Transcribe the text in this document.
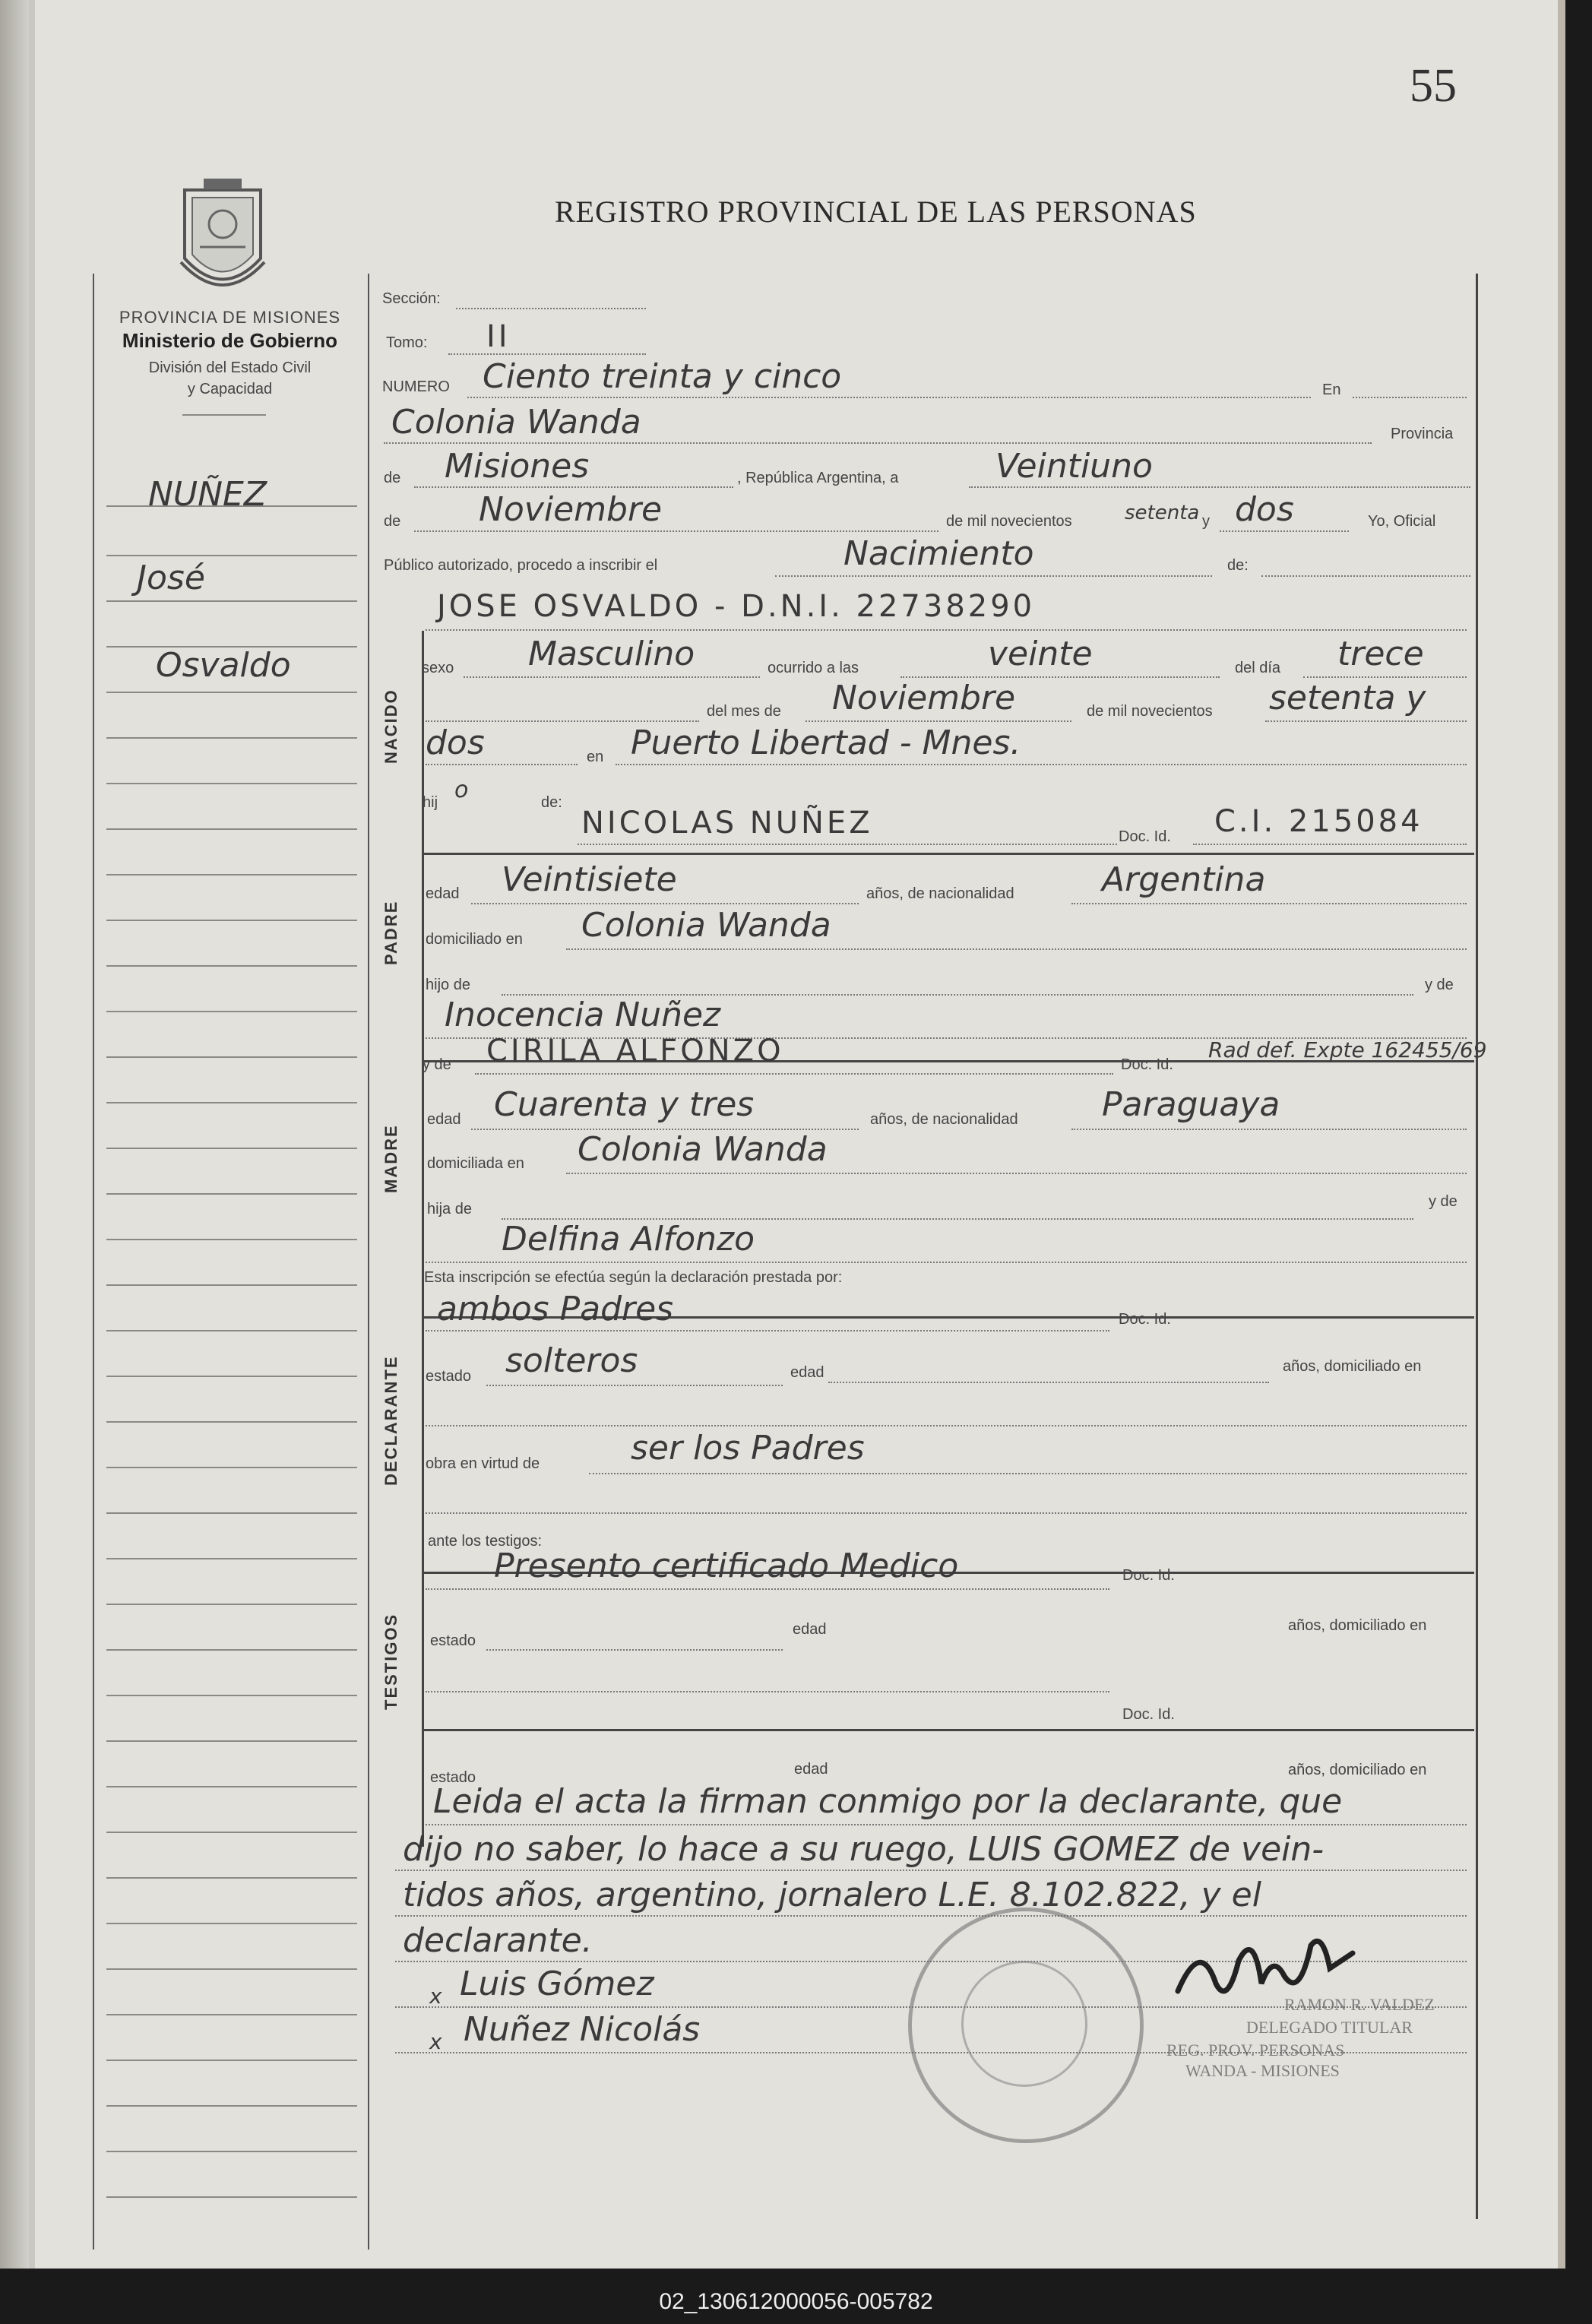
55
REGISTRO PROVINCIAL DE LAS PERSONAS
PROVINCIA DE MISIONES
Ministerio de Gobierno
División del Estado Civil
y Capacidad
NUÑEZ
José
Osvaldo
NACIDO
PADRE
MADRE
DECLARANTE
TESTIGOS
Sección:
Tomo: II
NUMERO Ciento treinta y cinco	En
Colonia Wanda	Provincia
de Misiones	, República Argentina, a	Veintiuno
de Noviembre	de mil novecientos	setenta y dos	Yo, Oficial
Público autorizado, procedo a inscribir el	Nacimiento	de:
JOSE OSVALDO - D.N.I. 22738290
sexo Masculino	ocurrido a las	veinte	del día trece
del mes de Noviembre	de mil novecientos setenta y
dos	en Puerto Libertad - Mnes.
hij o	de:
NICOLAS NUÑEZ	Doc. Id. C.I. 215084
edad Veintisiete	años, de nacionalidad	Argentina
domiciliado en Colonia Wanda
hijo de	y de
Inocencia Nuñez
y de CIRILA ALFONZO	Doc. Id.
Rad def. Expte 162455/69
edad Cuarenta y tres	años, de nacionalidad	Paraguaya
domiciliada en Colonia Wanda
hija de	y de
Delfina Alfonzo
Esta inscripción se efectúa según la declaración prestada por:
ambos Padres	Doc. Id.
estado solteros	edad	años, domiciliado en
obra en virtud de	ser los Padres
ante los testigos:
Presento certificado Medico	Doc. Id.
estado
edad	años, domiciliado en
Doc. Id.
estado	edad	años, domiciliado en
Leida el acta la firman conmigo por la declarante, que
dijo no saber, lo hace a su ruego, LUIS GOMEZ de vein-
tidos años, argentino, jornalero L.E. 8.102.822, y el
declarante.
x Luis Gómez
x Nuñez Nicolás
RAMON R. VALDEZ
DELEGADO TITULAR
REG. PROV. PERSONAS
WANDA - MISIONES
02_130612000056-005782
